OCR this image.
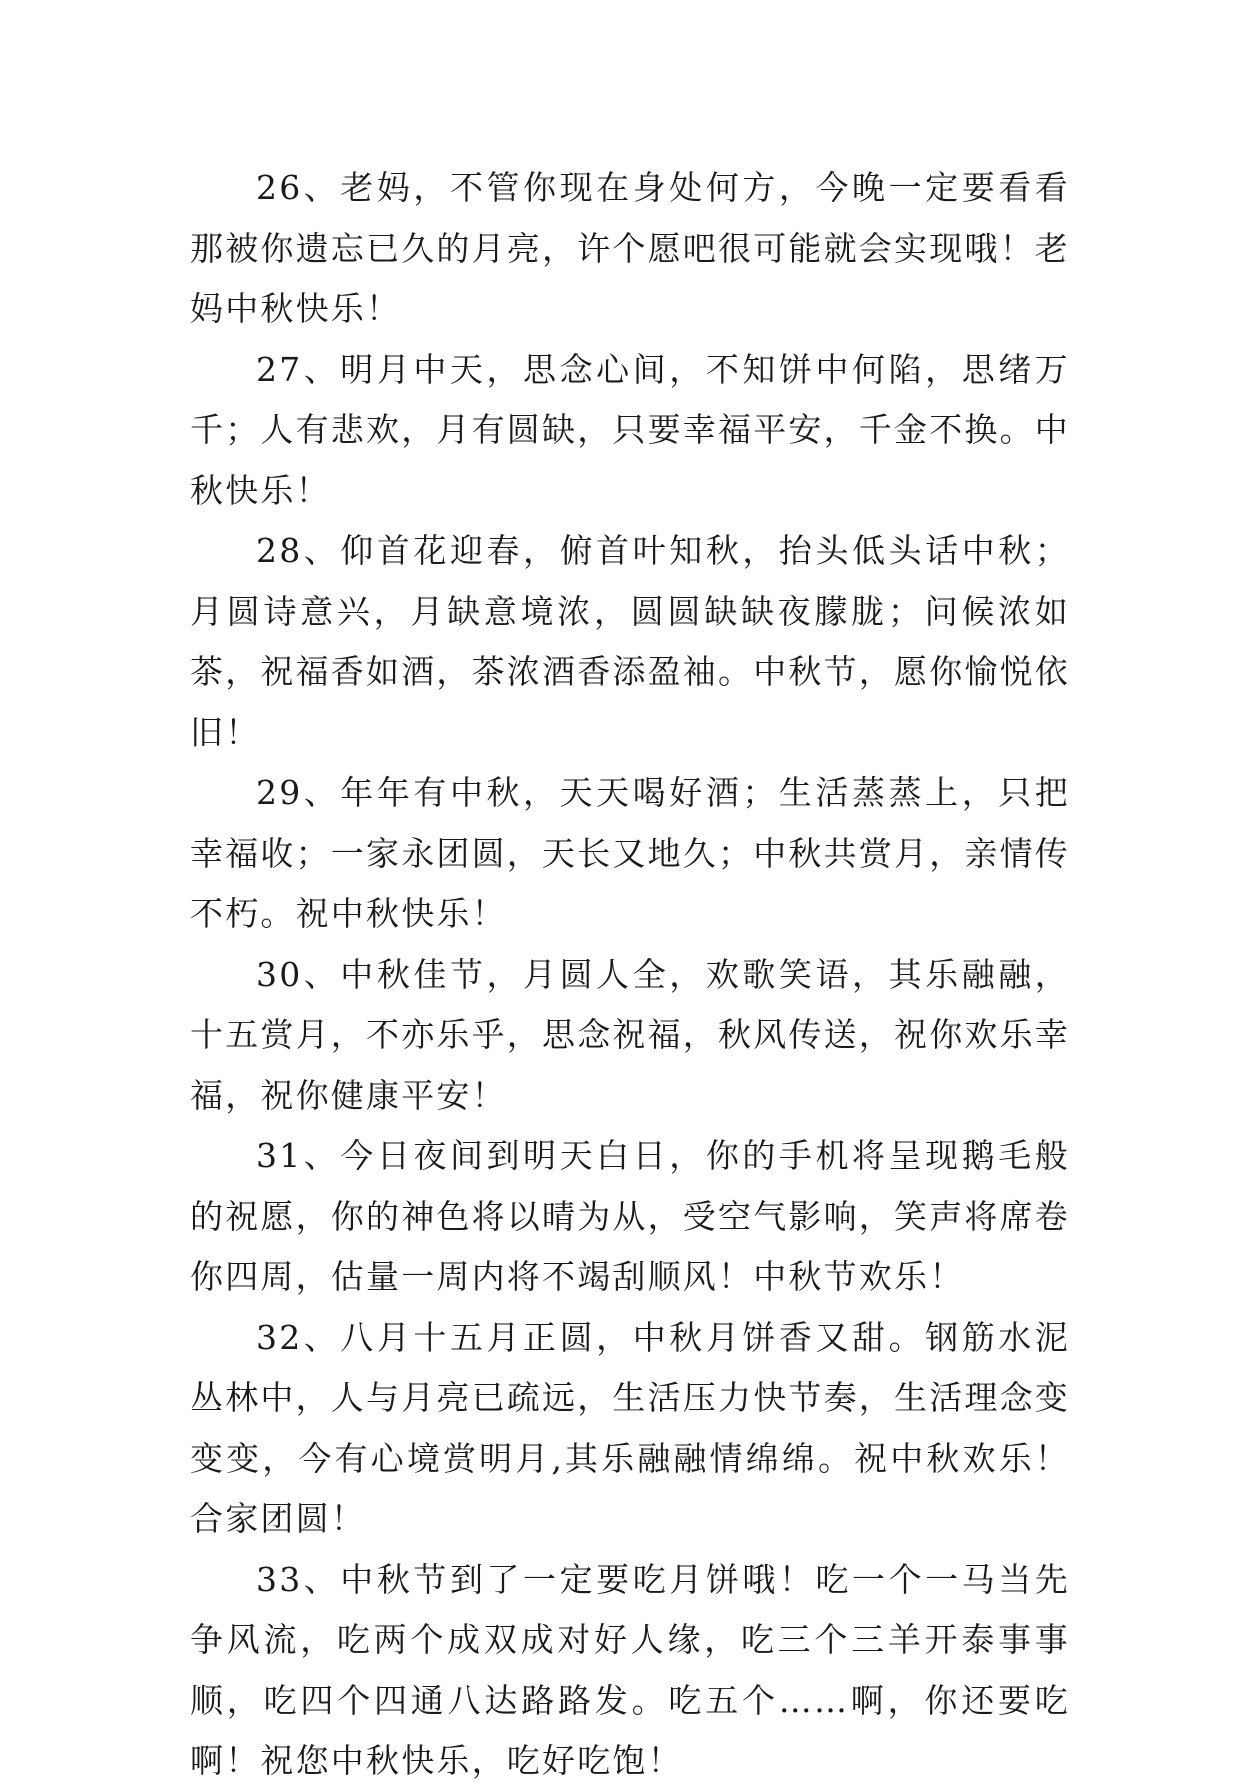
26、老妈，不管你现在身处何方，今晚一定要看看那被你遗忘已久的月亮，许个愿吧很可能就会实现哦！老妈中秋快乐！

27、明月中天，思念心间，不知饼中何陷，思绪万千；人有悲欢，月有圆缺，只要幸福平安，千金不换。中秋快乐！

28、仰首花迎春，俯首叶知秋，抬头低头话中秋；月圆诗意兴，月缺意境浓，圆圆缺缺夜朦胧；问候浓如茶，祝福香如酒，茶浓酒香添盈袖。中秋节，愿你愉悦依旧！

29、年年有中秋，天天喝好酒；生活蒸蒸上，只把幸福收；一家永团圆，天长又地久；中秋共赏月，亲情传不朽。祝中秋快乐！

30、中秋佳节，月圆人全，欢歌笑语，其乐融融，十五赏月，不亦乐乎，思念祝福，秋风传送，祝你欢乐幸福，祝你健康平安！

31、今日夜间到明天白日，你的手机将呈现鹅毛般的祝愿，你的神色将以晴为从，受空气影响，笑声将席卷你四周，估量一周内将不竭刮顺风！中秋节欢乐！

32、八月十五月正圆，中秋月饼香又甜。钢筋水泥丛林中，人与月亮已疏远，生活压力快节奏，生活理念变变变，今有心境赏明月,其乐融融情绵绵。祝中秋欢乐！合家团圆！

33、中秋节到了一定要吃月饼哦！吃一个一马当先争风流，吃两个成双成对好人缘，吃三个三羊开泰事事顺，吃四个四通八达路路发。吃五个……啊，你还要吃啊！祝您中秋快乐，吃好吃饱！
